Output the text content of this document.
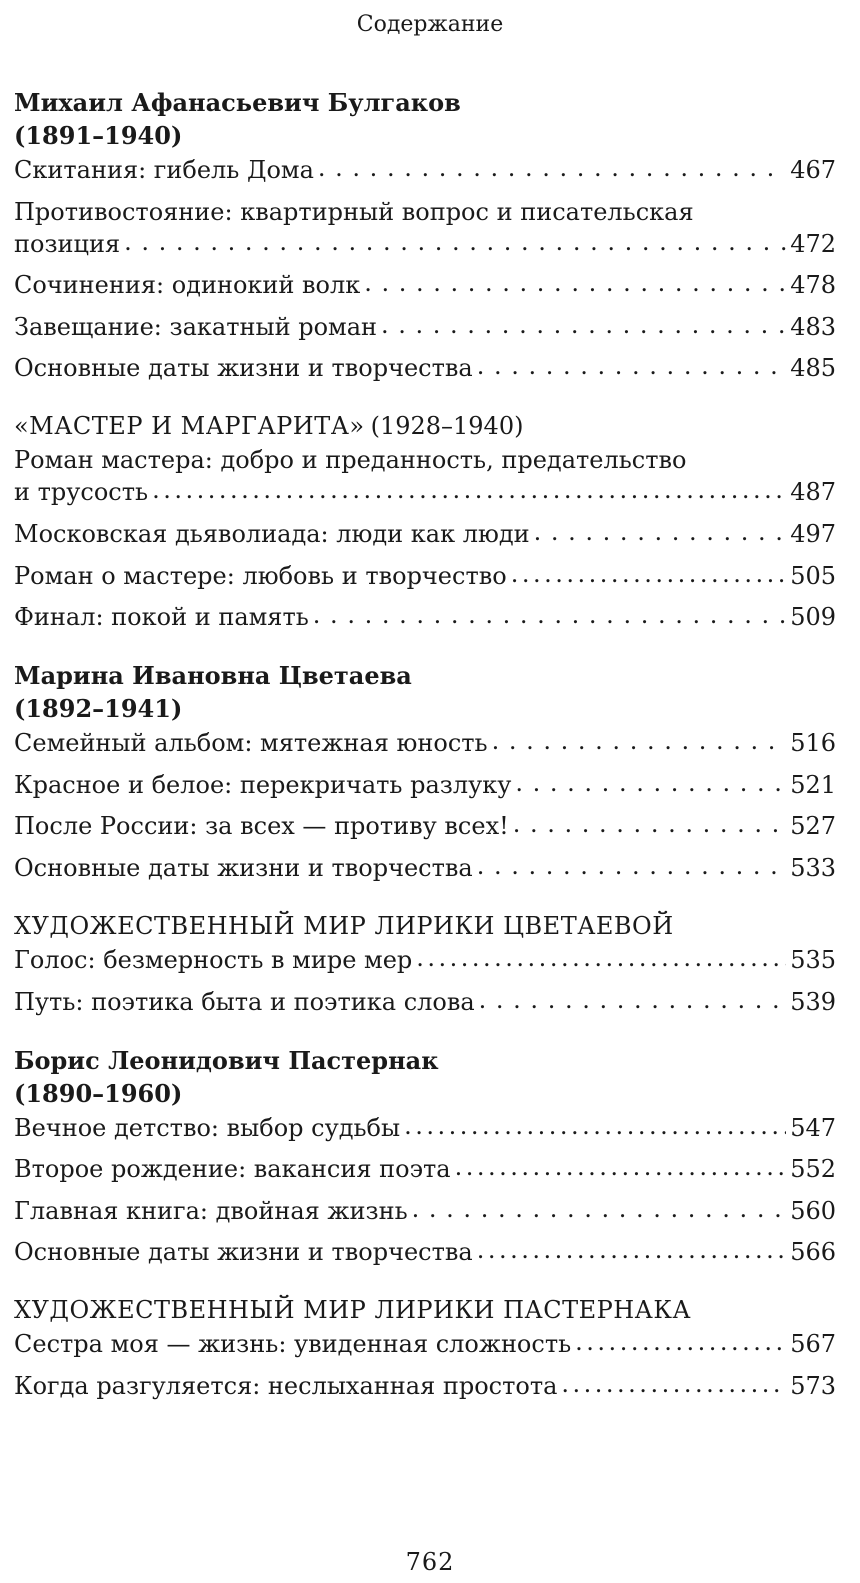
Содержание
Михаил Афанасьевич Булгаков
(1891–1940)
Скитания: гибель Дома . . .	467
Противостояние: квартирный вопрос и писательская
позиция . . .	472
Сочинения: одинокий волк . . .	478
Завещание: закатный роман . . .	483
Основные даты жизни и творчества . . .	485
«МАСТЕР И МАРГАРИТА» (1928–1940)
Роман мастера: добро и преданность, предательство
и трусость .....	487
Московская дьяволиада: люди как люди . . .	497
Роман о мастере: любовь и творчество .....	505
Финал: покой и память . . .	509
Марина Ивановна Цветаева
(1892–1941)
Семейный альбом: мятежная юность . . .	516
Красное и белое: перекричать разлуку . . .	521
После России: за всех — противу всех! . . .	527
Основные даты жизни и творчества . . .	533
ХУДОЖЕСТВЕННЫЙ МИР ЛИРИКИ ЦВЕТАЕВОЙ
Голос: безмерность в мире мер .....	535
Путь: поэтика быта и поэтика слова . . .	539
Борис Леонидович Пастернак
(1890–1960)
Вечное детство: выбор судьбы .....	547
Второе рождение: вакансия поэта .....	552
Главная книга: двойная жизнь . . .	560
Основные даты жизни и творчества .....	566
ХУДОЖЕСТВЕННЫЙ МИР ЛИРИКИ ПАСТЕРНАКА
Сестра моя — жизнь: увиденная сложность .....	567
Когда разгуляется: неслыханная простота .....	573
762
